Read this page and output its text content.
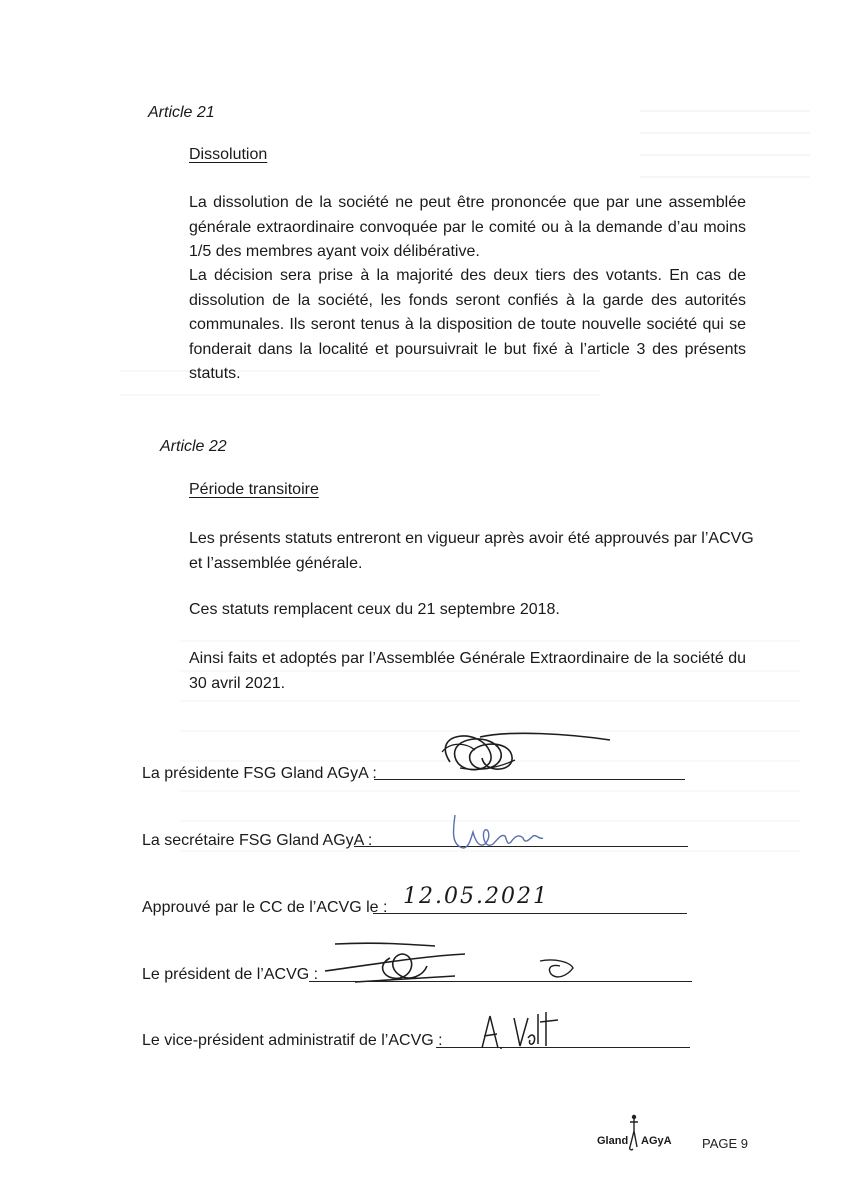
Article 21
Dissolution
La dissolution de la société ne peut être prononcée que par une assemblée générale extraordinaire convoquée par le comité ou à la demande d’au moins 1/5 des membres ayant voix délibérative.
La décision sera prise à la majorité des deux tiers des votants. En cas de dissolution de la société, les fonds seront confiés à la garde des autorités communales. Ils seront tenus à la disposition de toute nouvelle société qui se fonderait dans la localité et poursuivrait le but fixé à l’article 3 des présents statuts.
Article 22
Période transitoire
Les présents statuts entreront en vigueur après avoir été approuvés par l’ACVG et l’assemblée générale.
Ces statuts remplacent ceux du 21 septembre 2018.
Ainsi faits et adoptés par l’Assemblée Générale Extraordinaire de la société du 30 avril 2021.
La présidente FSG Gland AGyA :
La secrétaire FSG Gland AGyA :
Approuvé par le CC de l’ACVG le : 12.05.2021
Le président de l’ACVG :
Le vice-président administratif de l’ACVG :
Gland AGyA PAGE 9
